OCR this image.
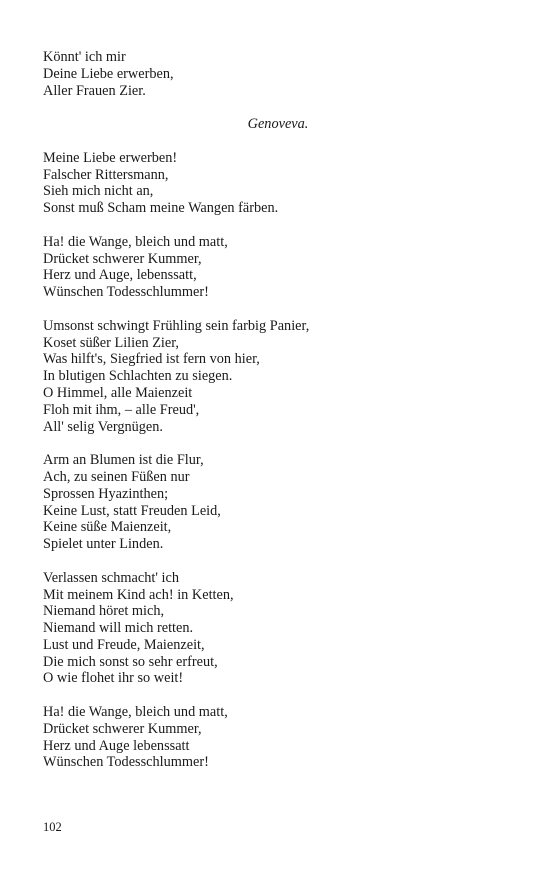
Könnt' ich mir
Deine Liebe erwerben,
Aller Frauen Zier.
Genoveva.
Meine Liebe erwerben!
Falscher Rittersmann,
Sieh mich nicht an,
Sonst muß Scham meine Wangen färben.
Ha! die Wange, bleich und matt,
Drücket schwerer Kummer,
Herz und Auge, lebenssatt,
Wünschen Todesschlummer!
Umsonst schwingt Frühling sein farbig Panier,
Koset süßer Lilien Zier,
Was hilft's, Siegfried ist fern von hier,
In blutigen Schlachten zu siegen.
O Himmel, alle Maienzeit
Floh mit ihm, – alle Freud',
All' selig Vergnügen.
Arm an Blumen ist die Flur,
Ach, zu seinen Füßen nur
Sprossen Hyazinthen;
Keine Lust, statt Freuden Leid,
Keine süße Maienzeit,
Spielet unter Linden.
Verlassen schmacht' ich
Mit meinem Kind ach! in Ketten,
Niemand höret mich,
Niemand will mich retten.
Lust und Freude, Maienzeit,
Die mich sonst so sehr erfreut,
O wie flohet ihr so weit!
Ha! die Wange, bleich und matt,
Drücket schwerer Kummer,
Herz und Auge lebenssatt
Wünschen Todesschlummer!
102
